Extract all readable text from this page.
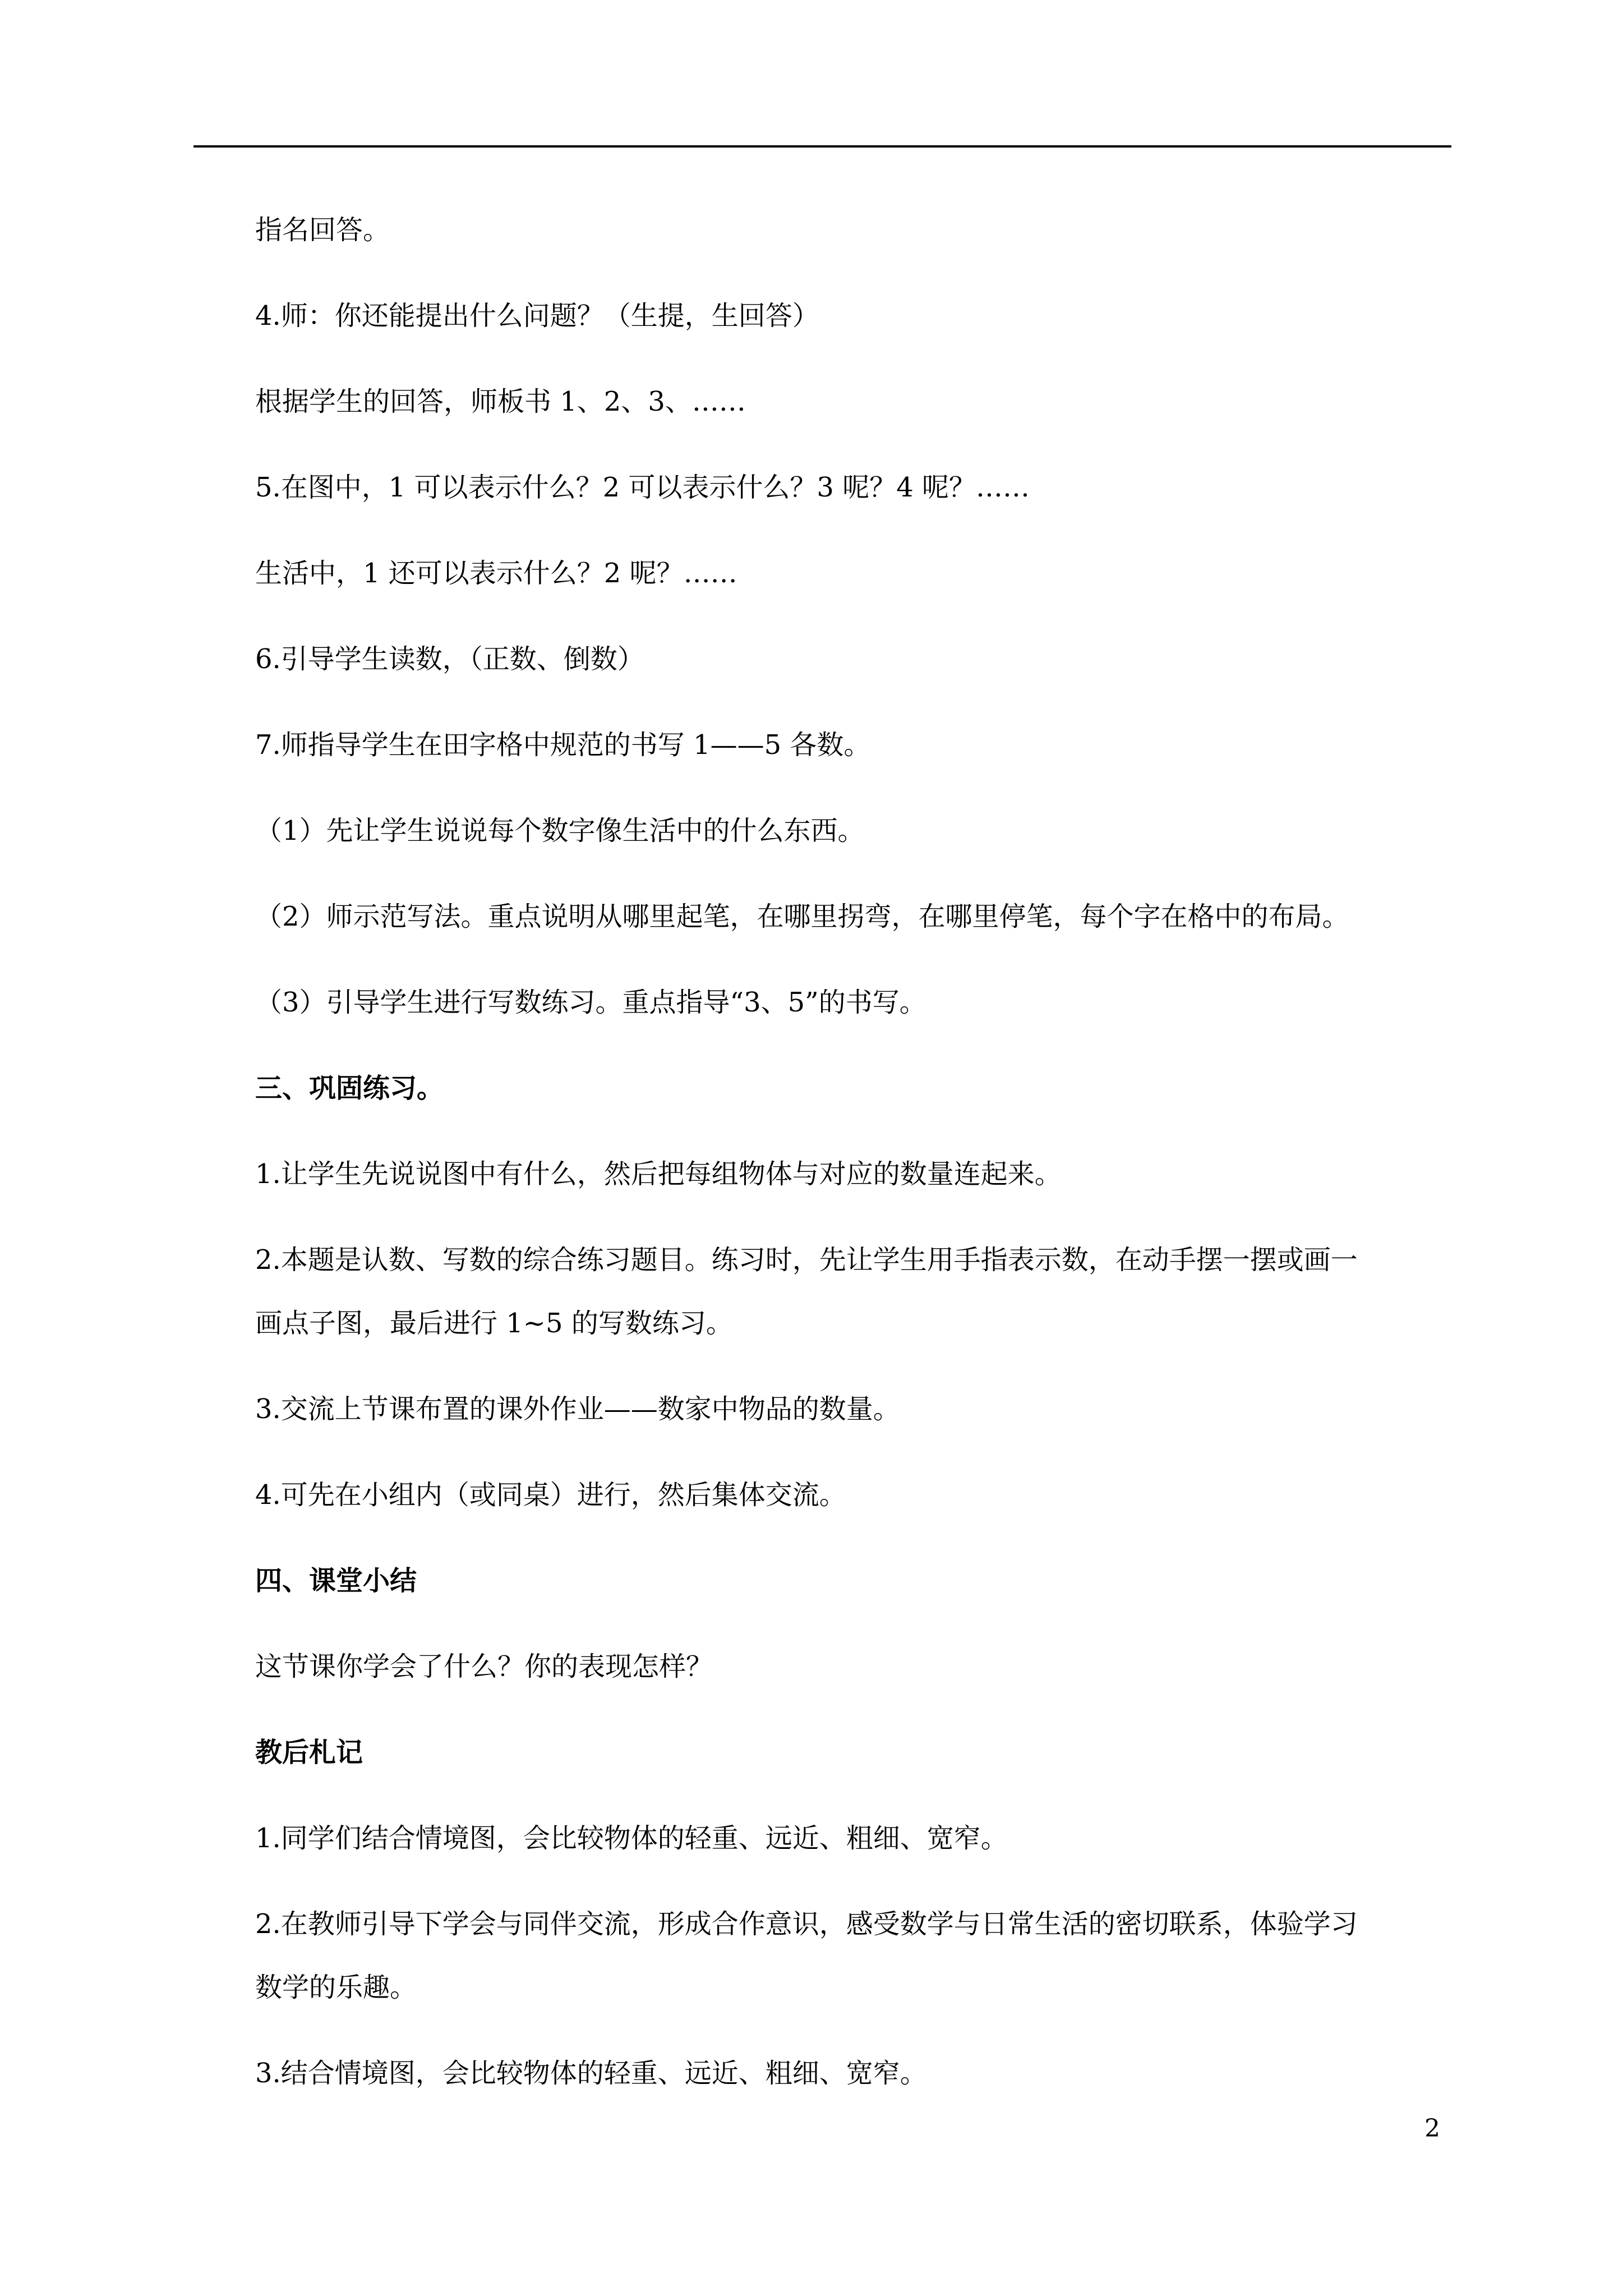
指名回答。
4.师：你还能提出什么问题？（生提，生回答）
根据学生的回答，师板书 1、2、3、……
5.在图中，1 可以表示什么？2 可以表示什么？3 呢？4 呢？……
生活中，1 还可以表示什么？2 呢？……
6.引导学生读数，（正数、倒数）
7.师指导学生在田字格中规范的书写 1——5 各数。
（1）先让学生说说每个数字像生活中的什么东西。
（2）师示范写法。重点说明从哪里起笔，在哪里拐弯，在哪里停笔，每个字在格中的布局。
（3）引导学生进行写数练习。重点指导“3、5”的书写。
三、巩固练习。
1.让学生先说说图中有什么，然后把每组物体与对应的数量连起来。
2.本题是认数、写数的综合练习题目。练习时，先让学生用手指表示数，在动手摆一摆或画一
画点子图，最后进行 1~5 的写数练习。
3.交流上节课布置的课外作业——数家中物品的数量。
4.可先在小组内（或同桌）进行，然后集体交流。
四、课堂小结
这节课你学会了什么？你的表现怎样？
教后札记
1.同学们结合情境图，会比较物体的轻重、远近、粗细、宽窄。
2.在教师引导下学会与同伴交流，形成合作意识，感受数学与日常生活的密切联系，体验学习
数学的乐趣。
3.结合情境图，会比较物体的轻重、远近、粗细、宽窄。
2
